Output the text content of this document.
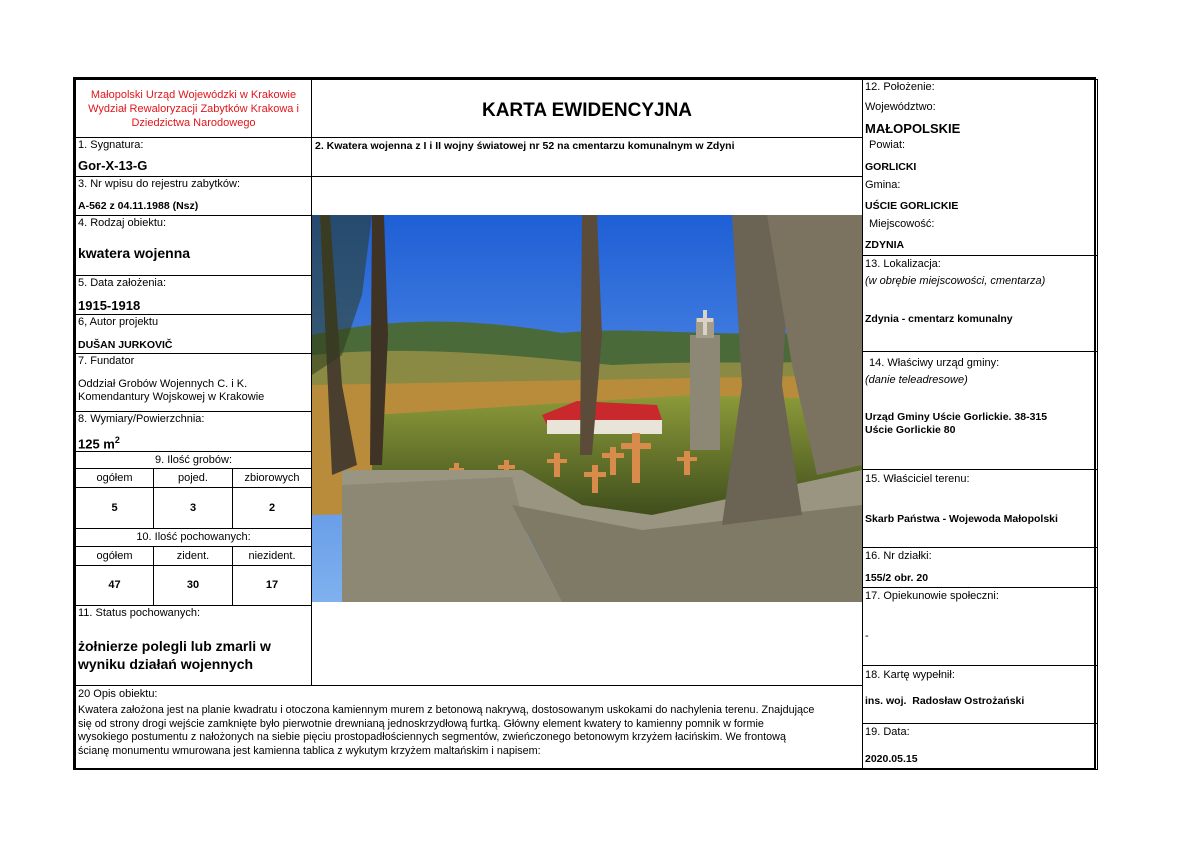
Małopolski Urząd Wojewódzki w Krakowie
Wydział Rewaloryzacji Zabytków Krakowa i
Dziedzictwa Narodowego
KARTA EWIDENCYJNA
1. Sygnatura:
Gor-X-13-G
2. Kwatera wojenna z I i II wojny światowej nr 52 na cmentarzu komunalnym w Zdyni
3. Nr wpisu do rejestru zabytków:
A-562 z 04.11.1988 (Nsz)
4. Rodzaj obiektu:
kwatera wojenna
5. Data założenia:
1915-1918
6, Autor projektu
DUŠAN JURKOVIČ
7. Fundator
Oddział Grobów Wojennych C. i K.
Komendantury Wojskowej w Krakowie
8. Wymiary/Powierzchnia:
125 $m^2$
9. Ilość grobów:
ogółem	pojed.	zbiorowych
5	3	2
10. Ilość pochowanych:
ogółem	zident.	niezident.
47	30	17
11. Status pochowanych:
żołnierze polegli lub zmarli w
wyniku działań wojennych
12. Położenie:
Województwo:
MAŁOPOLSKIE
Powiat:
GORLICKI
Gmina:
UŚCIE GORLICKIE
Miejscowość:
ZDYNIA
13. Lokalizacja:
(w obrębie miejscowości, cmentarza)
Zdynia - cmentarz komunalny
14. Właściwy urząd gminy:
(danie teleadresowe)
Urząd Gminy Uście Gorlickie. 38-315
Uście Gorlickie 80
15. Właściciel terenu:
Skarb Państwa - Wojewoda Małopolski
16. Nr działki:
155/2 obr. 20
17. Opiekunowie społeczni:
-
18. Kartę wypełnił:
ins. woj.  Radosław Ostrożański
19. Data:
2020.05.15
20 Opis obiektu:
Kwatera założona jest na planie kwadratu i otoczona kamiennym murem z betonową nakrywą, dostosowanym uskokami do nachylenia terenu. Znajdujące
się od strony drogi wejście zamknięte było pierwotnie drewnianą jednoskrzydłową furtką. Główny element kwatery to kamienny pomnik w formie
wysokiego postumentu z nałożonych na siebie pięciu prostopadłościennych segmentów, zwieńczonego betonowym krzyżem łacińskim. We frontową
ścianę monumentu wmurowana jest kamienna tablica z wykutym krzyżem maltańskim i napisem:
